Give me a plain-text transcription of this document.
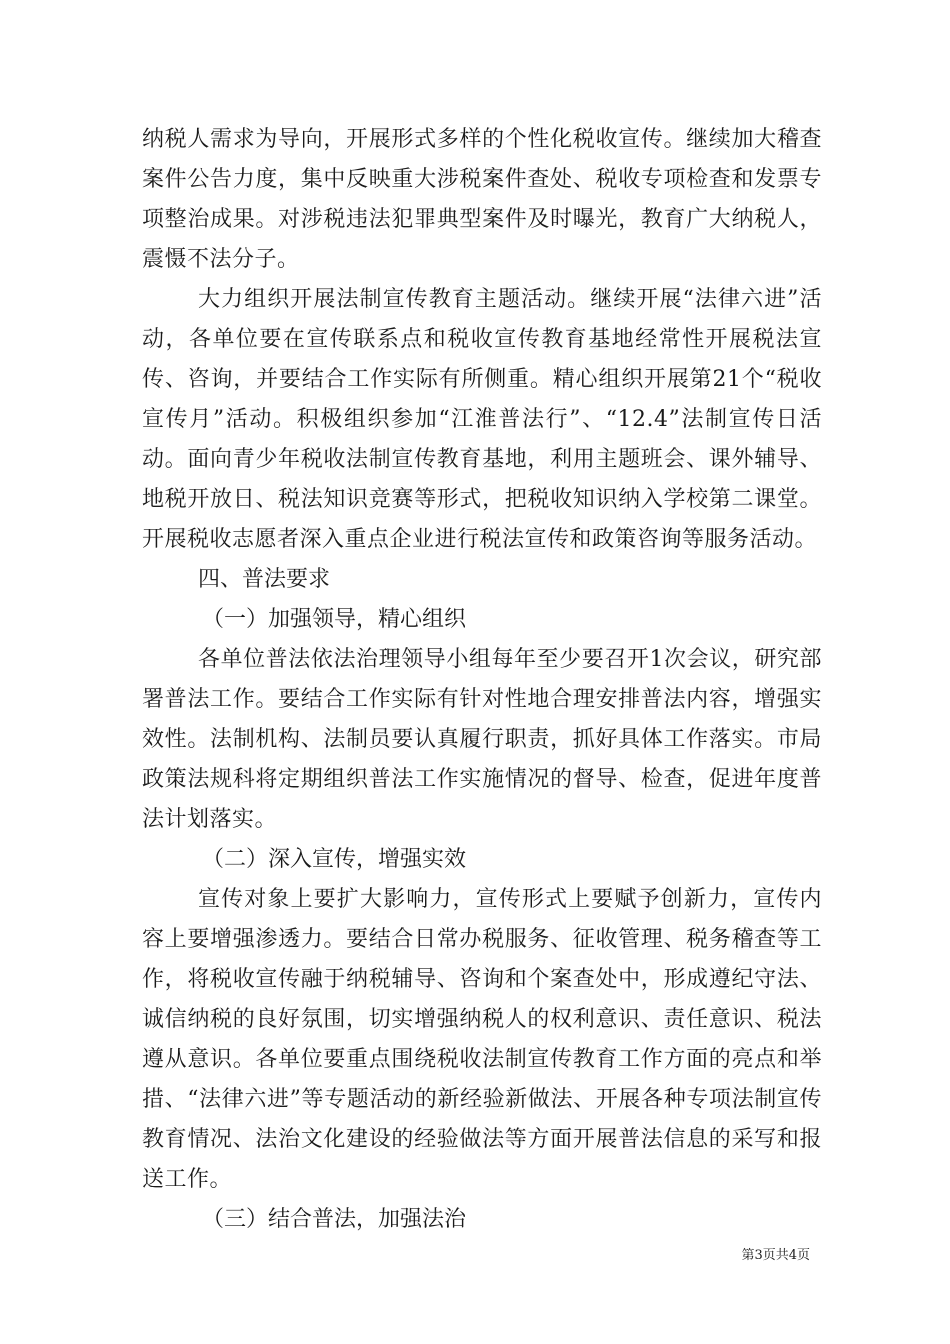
纳税人需求为导向，开展形式多样的个性化税收宣传。继续加大稽查案件公告力度，集中反映重大涉税案件查处、税收专项检查和发票专项整治成果。对涉税违法犯罪典型案件及时曝光，教育广大纳税人，震慑不法分子。

大力组织开展法制宣传教育主题活动。继续开展“法律六进”活动，各单位要在宣传联系点和税收宣传教育基地经常性开展税法宣传、咨询，并要结合工作实际有所侧重。精心组织开展第21个“税收宣传月”活动。积极组织参加“江淮普法行”、“12.4”法制宣传日活动。面向青少年税收法制宣传教育基地，利用主题班会、课外辅导、地税开放日、税法知识竞赛等形式，把税收知识纳入学校第二课堂。开展税收志愿者深入重点企业进行税法宣传和政策咨询等服务活动。

四、普法要求

（一）加强领导，精心组织

各单位普法依法治理领导小组每年至少要召开1次会议，研究部署普法工作。要结合工作实际有针对性地合理安排普法内容，增强实效性。法制机构、法制员要认真履行职责，抓好具体工作落实。市局政策法规科将定期组织普法工作实施情况的督导、检查，促进年度普法计划落实。

（二）深入宣传，增强实效

宣传对象上要扩大影响力，宣传形式上要赋予创新力，宣传内容上要增强渗透力。要结合日常办税服务、征收管理、税务稽查等工作，将税收宣传融于纳税辅导、咨询和个案查处中，形成遵纪守法、诚信纳税的良好氛围，切实增强纳税人的权利意识、责任意识、税法遵从意识。各单位要重点围绕税收法制宣传教育工作方面的亮点和举措、“法律六进”等专题活动的新经验新做法、开展各种专项法制宣传教育情况、法治文化建设的经验做法等方面开展普法信息的采写和报送工作。

（三）结合普法，加强法治

第3页共4页
